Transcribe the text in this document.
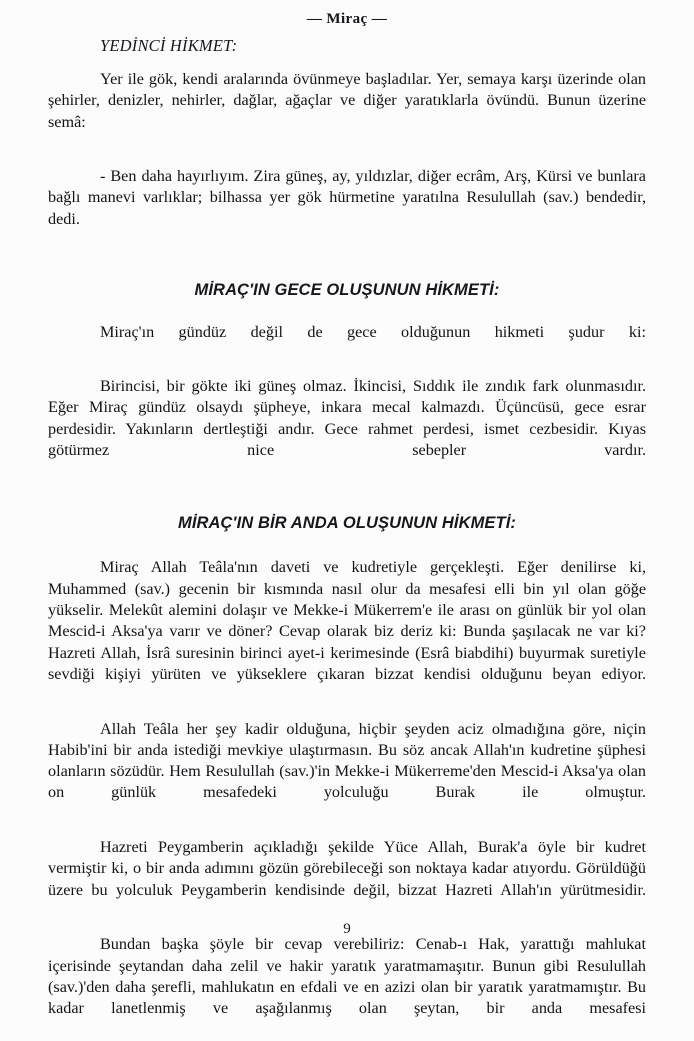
— Miraç —
YEDİNCİ HİKMET:

Yer ile gök, kendi aralarında övünmeye başladılar. Yer, semaya karşı üzerinde olan şehirler, denizler, nehirler, dağlar, ağaçlar ve diğer yaratıklarla övündü. Bunun üzerine semâ:

- Ben daha hayırlıyım. Zira güneş, ay, yıldızlar, diğer ecrâm, Arş, Kürsi ve bunlara bağlı manevi varlıklar; bilhassa yer gök hürmetine yaratılna Resulullah (sav.) bendedir, dedi.

MİRAÇ'IN GECE OLUŞUNUN HİKMETİ:

Miraç'ın gündüz değil de gece olduğunun hikmeti şudur ki:

Birincisi, bir gökte iki güneş olmaz. İkincisi, Sıddık ile zındık fark olunmasıdır. Eğer Miraç gündüz olsaydı şüpheye, inkara mecal kalmazdı. Üçüncüsü, gece esrar perdesidir. Yakınların dertleştiği andır. Gece rahmet perdesi, ismet cezbesidir. Kıyas götürmez nice sebepler vardır.

MİRAÇ'IN BİR ANDA OLUŞUNUN HİKMETİ:

Miraç Allah Teâla'nın daveti ve kudretiyle gerçekleşti. Eğer denilirse ki, Muhammed (sav.) gecenin bir kısmında nasıl olur da mesafesi elli bin yıl olan göğe yükselir. Melekût alemini dolaşır ve Mekke-i Mükerrem'e ile arası on günlük bir yol olan Mescid-i Aksa'ya varır ve döner? Cevap olarak biz deriz ki: Bunda şaşılacak ne var ki? Hazreti Allah, İsrâ suresinin birinci ayet-i kerimesinde (Esrâ biabdihi) buyurmak suretiyle sevdiği kişiyi yürüten ve yükseklere çıkaran bizzat kendisi olduğunu beyan ediyor.

Allah Teâla her şey kadir olduğuna, hiçbir şeyden aciz olmadığına göre, niçin Habib'ini bir anda istediği mevkiye ulaştırmasın. Bu söz ancak Allah'ın kudretine şüphesi olanların sözüdür. Hem Resulullah (sav.)'in Mekke-i Mükerreme'den Mescid-i Aksa'ya olan on günlük mesafedeki yolculuğu Burak ile olmuştur.

Hazreti Peygamberin açıkladığı şekilde Yüce Allah, Burak'a öyle bir kudret vermiştir ki, o bir anda adımını gözün görebileceği son noktaya kadar atıyordu. Görüldüğü üzere bu yolculuk Peygamberin kendisinde değil, bizzat Hazreti Allah'ın yürütmesidir.

Bundan başka şöyle bir cevap verebiliriz: Cenab-ı Hak, yarattığı mahlukat içerisinde şeytandan daha zelil ve hakir yaratık yaratmamaşıtır. Bunun gibi Resulullah (sav.)'den daha şerefli, mahlukatın en efdali ve en azizi olan bir yaratık yaratmamıştır. Bu kadar lanetlenmiş ve aşağılanmış olan şeytan, bir anda mesafesi

9
